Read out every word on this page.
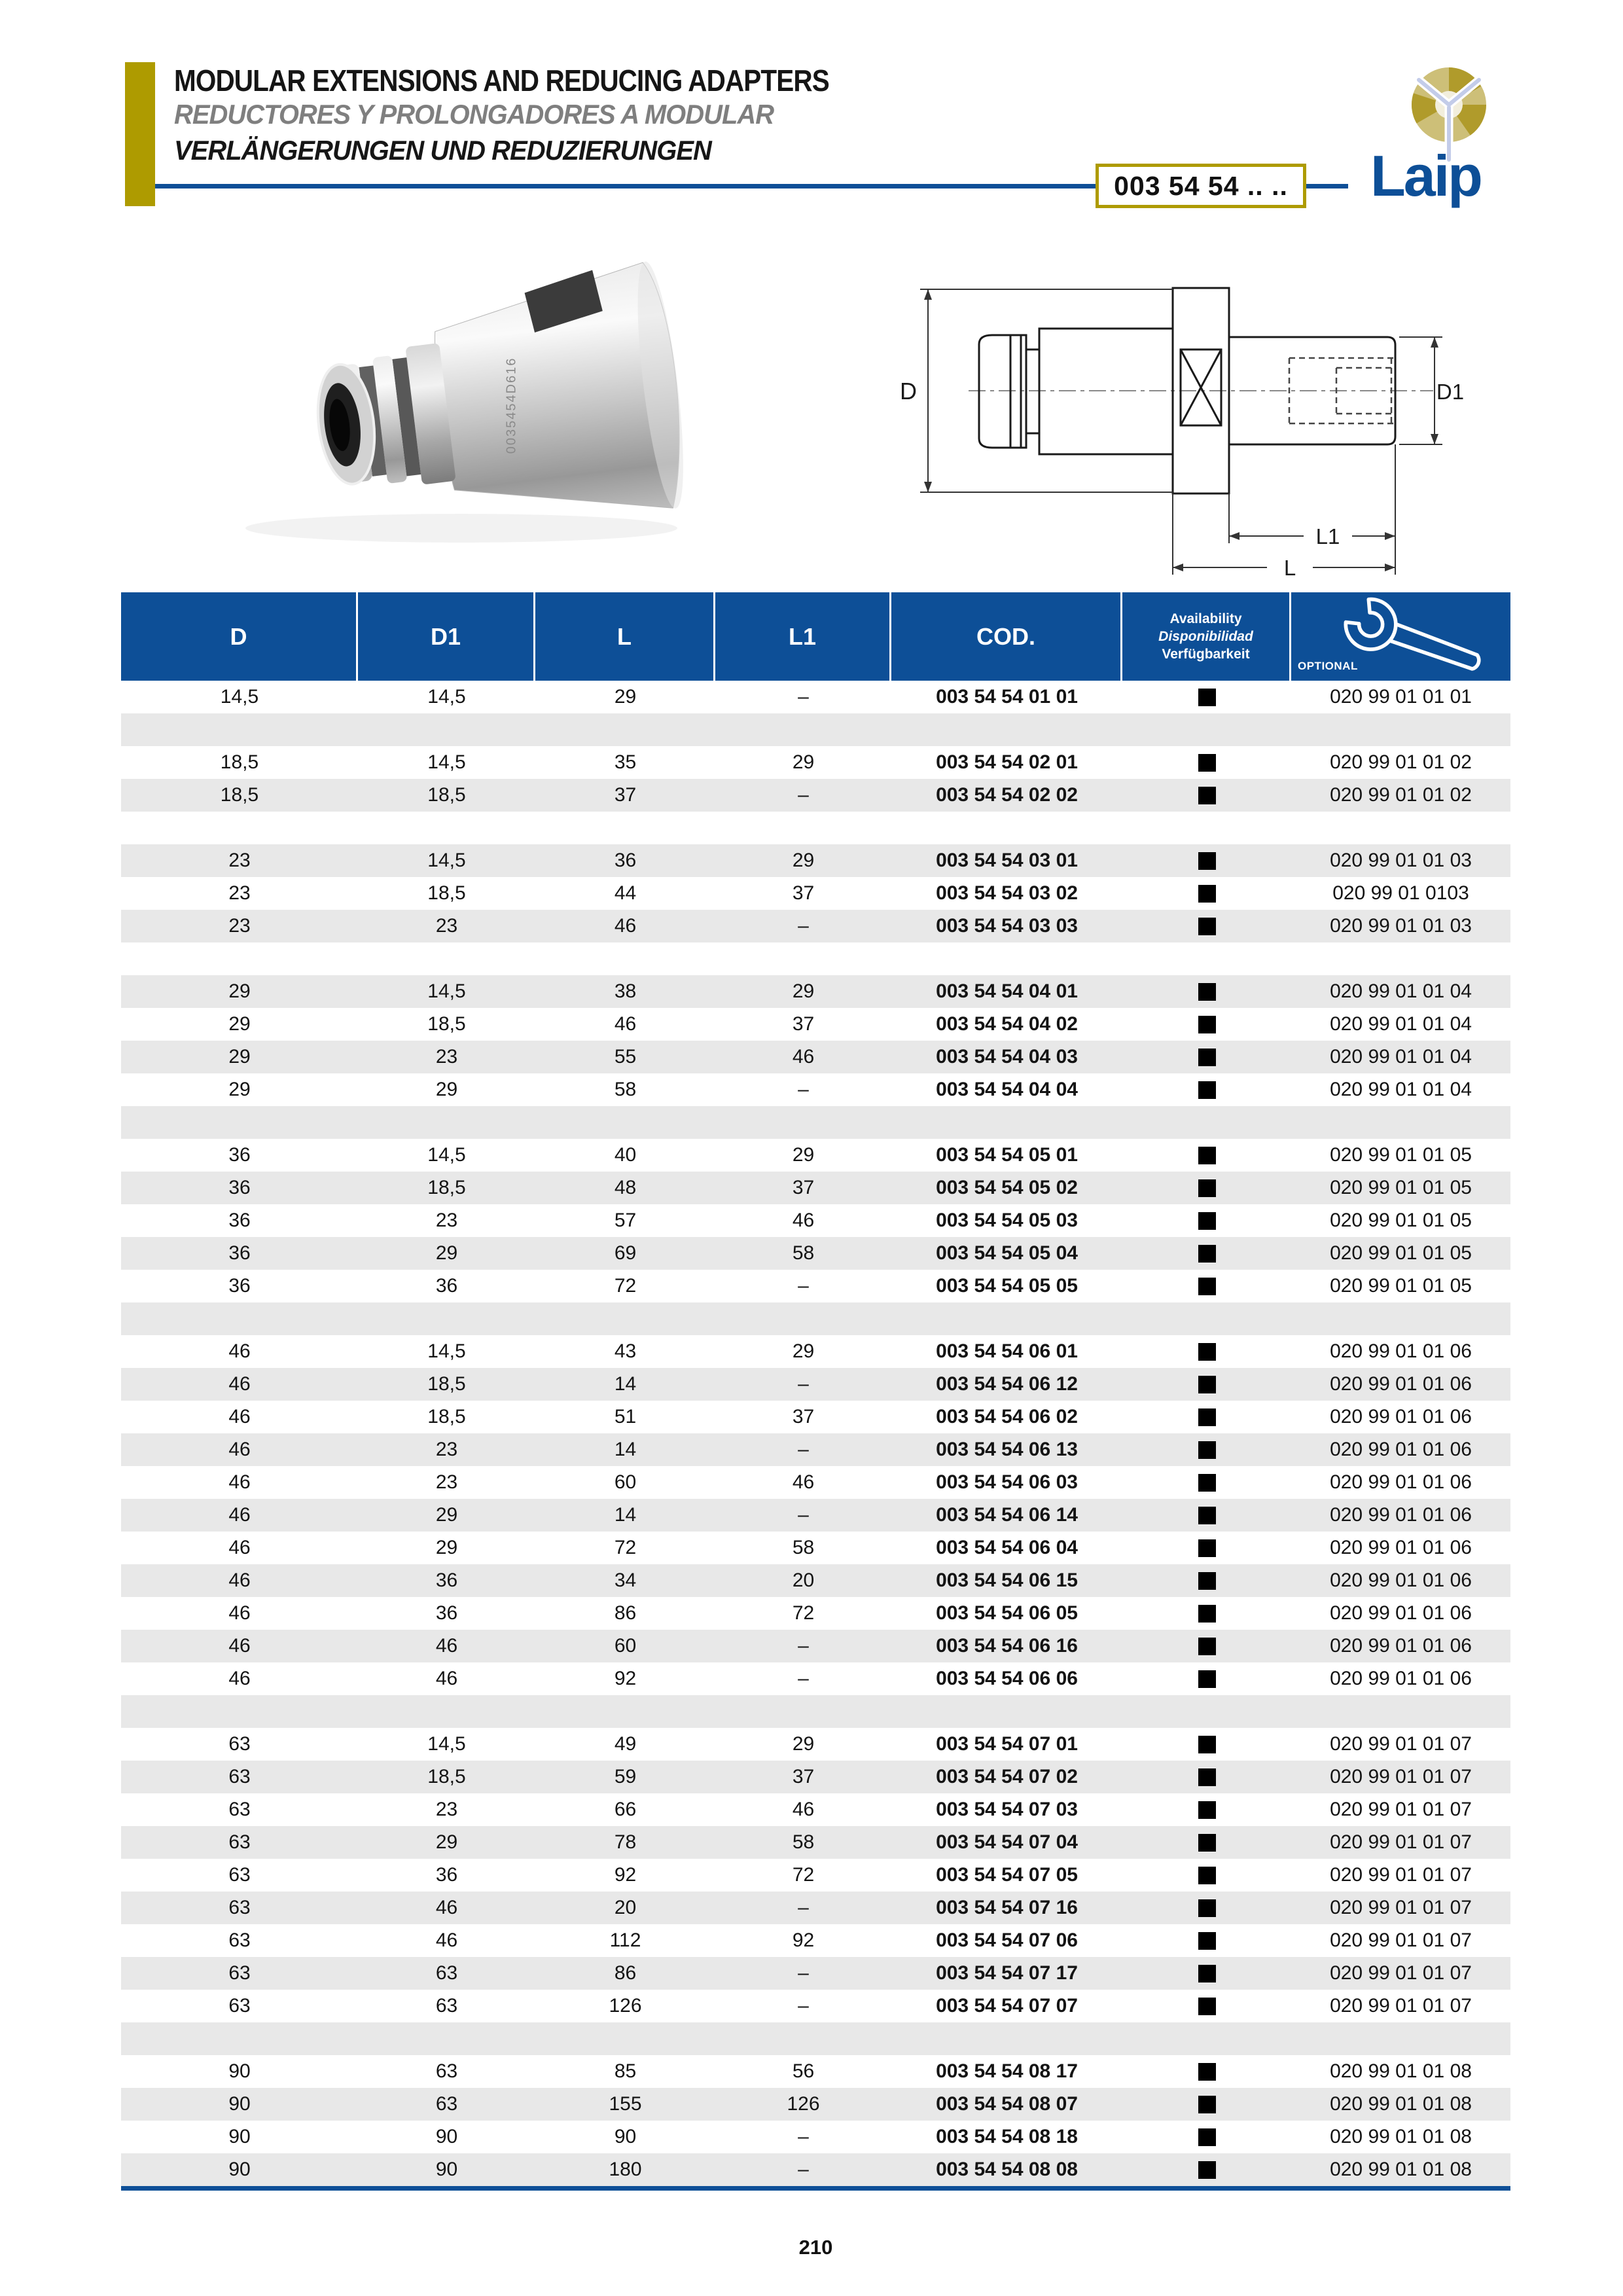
MODULAR EXTENSIONS AND REDUCING ADAPTERS
REDUCTORES Y PROLONGADORES A MODULAR
VERLÄNGERUNGEN UND REDUZIERUNGEN
003 54 54 .. ..	Laip
0035454D616	D	D1
L1
L
D	D1	L	L1	COD.
Availability
Disponibilidad
Verfügbarkeit
OPTIONAL
14,5	14,5	29	–	003 54 54 01 01	020 99 01 01 01
18,5	14,5	35	29	003 54 54 02 01	020 99 01 01 02
18,5	18,5	37	–	003 54 54 02 02	020 99 01 01 02
23	14,5	36	29	003 54 54 03 01	020 99 01 01 03
23	18,5	44	37	003 54 54 03 02	020 99 01 0103
23	23	46	–	003 54 54 03 03	020 99 01 01 03
29	14,5	38	29	003 54 54 04 01	020 99 01 01 04
29	18,5	46	37	003 54 54 04 02	020 99 01 01 04
29	23	55	46	003 54 54 04 03	020 99 01 01 04
29	29	58	–	003 54 54 04 04	020 99 01 01 04
36	14,5	40	29	003 54 54 05 01	020 99 01 01 05
36	18,5	48	37	003 54 54 05 02	020 99 01 01 05
36	23	57	46	003 54 54 05 03	020 99 01 01 05
36	29	69	58	003 54 54 05 04	020 99 01 01 05
36	36	72	–	003 54 54 05 05	020 99 01 01 05
46	14,5	43	29	003 54 54 06 01	020 99 01 01 06
46	18,5	14	–	003 54 54 06 12	020 99 01 01 06
46	18,5	51	37	003 54 54 06 02	020 99 01 01 06
46	23	14	–	003 54 54 06 13	020 99 01 01 06
46	23	60	46	003 54 54 06 03	020 99 01 01 06
46	29	14	–	003 54 54 06 14	020 99 01 01 06
46	29	72	58	003 54 54 06 04	020 99 01 01 06
46	36	34	20	003 54 54 06 15	020 99 01 01 06
46	36	86	72	003 54 54 06 05	020 99 01 01 06
46	46	60	–	003 54 54 06 16	020 99 01 01 06
46	46	92	–	003 54 54 06 06	020 99 01 01 06
63	14,5	49	29	003 54 54 07 01	020 99 01 01 07
63	18,5	59	37	003 54 54 07 02	020 99 01 01 07
63	23	66	46	003 54 54 07 03	020 99 01 01 07
63	29	78	58	003 54 54 07 04	020 99 01 01 07
63	36	92	72	003 54 54 07 05	020 99 01 01 07
63	46	20	–	003 54 54 07 16	020 99 01 01 07
63	46	112	92	003 54 54 07 06	020 99 01 01 07
63	63	86	–	003 54 54 07 17	020 99 01 01 07
63	63	126	–	003 54 54 07 07	020 99 01 01 07
90	63	85	56	003 54 54 08 17	020 99 01 01 08
90	63	155	126	003 54 54 08 07	020 99 01 01 08
90	90	90	–	003 54 54 08 18	020 99 01 01 08
90	90	180	–	003 54 54 08 08	020 99 01 01 08
210
